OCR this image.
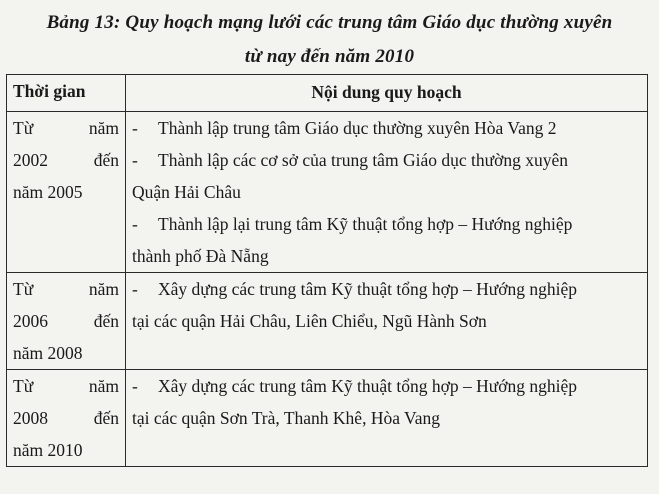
Bảng 13: Quy hoạch mạng lưới các trung tâm Giáo dục thường xuyên
từ nay đến năm 2010
Thời gian	Nội dung quy hoạch

Từ năm
2002 đến
năm 2005	- Thành lập trung tâm Giáo dục thường xuyên Hòa Vang 2
- Thành lập các cơ sở của trung tâm Giáo dục thường xuyên
Quận Hải Châu
- Thành lập lại trung tâm Kỹ thuật tổng hợp – Hướng nghiệp
thành phố Đà Nẵng

Từ năm
2006 đến
năm 2008	- Xây dựng các trung tâm Kỹ thuật tổng hợp – Hướng nghiệp
tại các quận Hải Châu, Liên Chiểu, Ngũ Hành Sơn

Từ năm
2008 đến
năm 2010	- Xây dựng các trung tâm Kỹ thuật tổng hợp – Hướng nghiệp
tại các quận Sơn Trà, Thanh Khê, Hòa Vang
